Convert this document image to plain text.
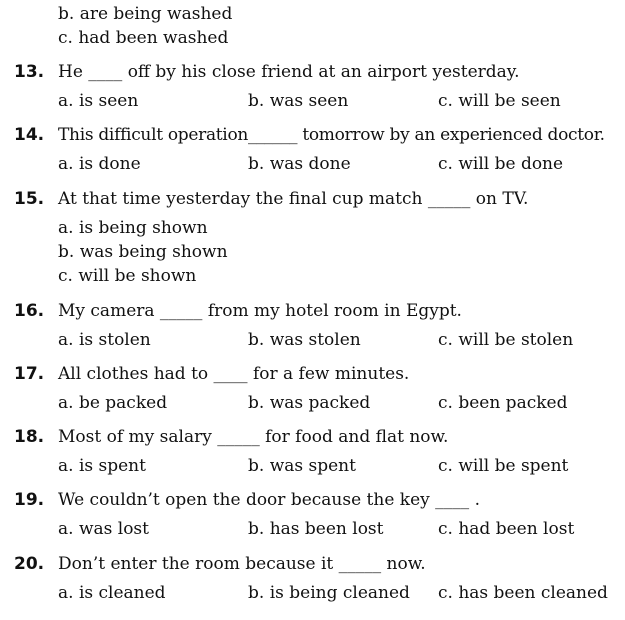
b. are being washed
c. had been washed
13. He ____ off by his close friend at an airport yesterday.
a. is seen	b. was seen	c. will be seen
14. This difficult operation______ tomorrow by an experienced doctor.
a. is done	b. was done	c. will be done
15. At that time yesterday the final cup match _____ on TV.
a. is being shown
b. was being shown
c. will be shown
16. My camera _____ from my hotel room in Egypt.
a. is stolen	b. was stolen	c. will be stolen
17. All clothes had to ____ for a few minutes.
a. be packed	b. was packed	c. been packed
18. Most of my salary _____ for food and flat now.
a. is spent	b. was spent	c. will be spent
19. We couldn’t open the door because the key ____ .
a. was lost	b. has been lost	c. had been lost
20. Don’t enter the room because it _____ now.
a. is cleaned	b. is being cleaned c. has been cleaned
